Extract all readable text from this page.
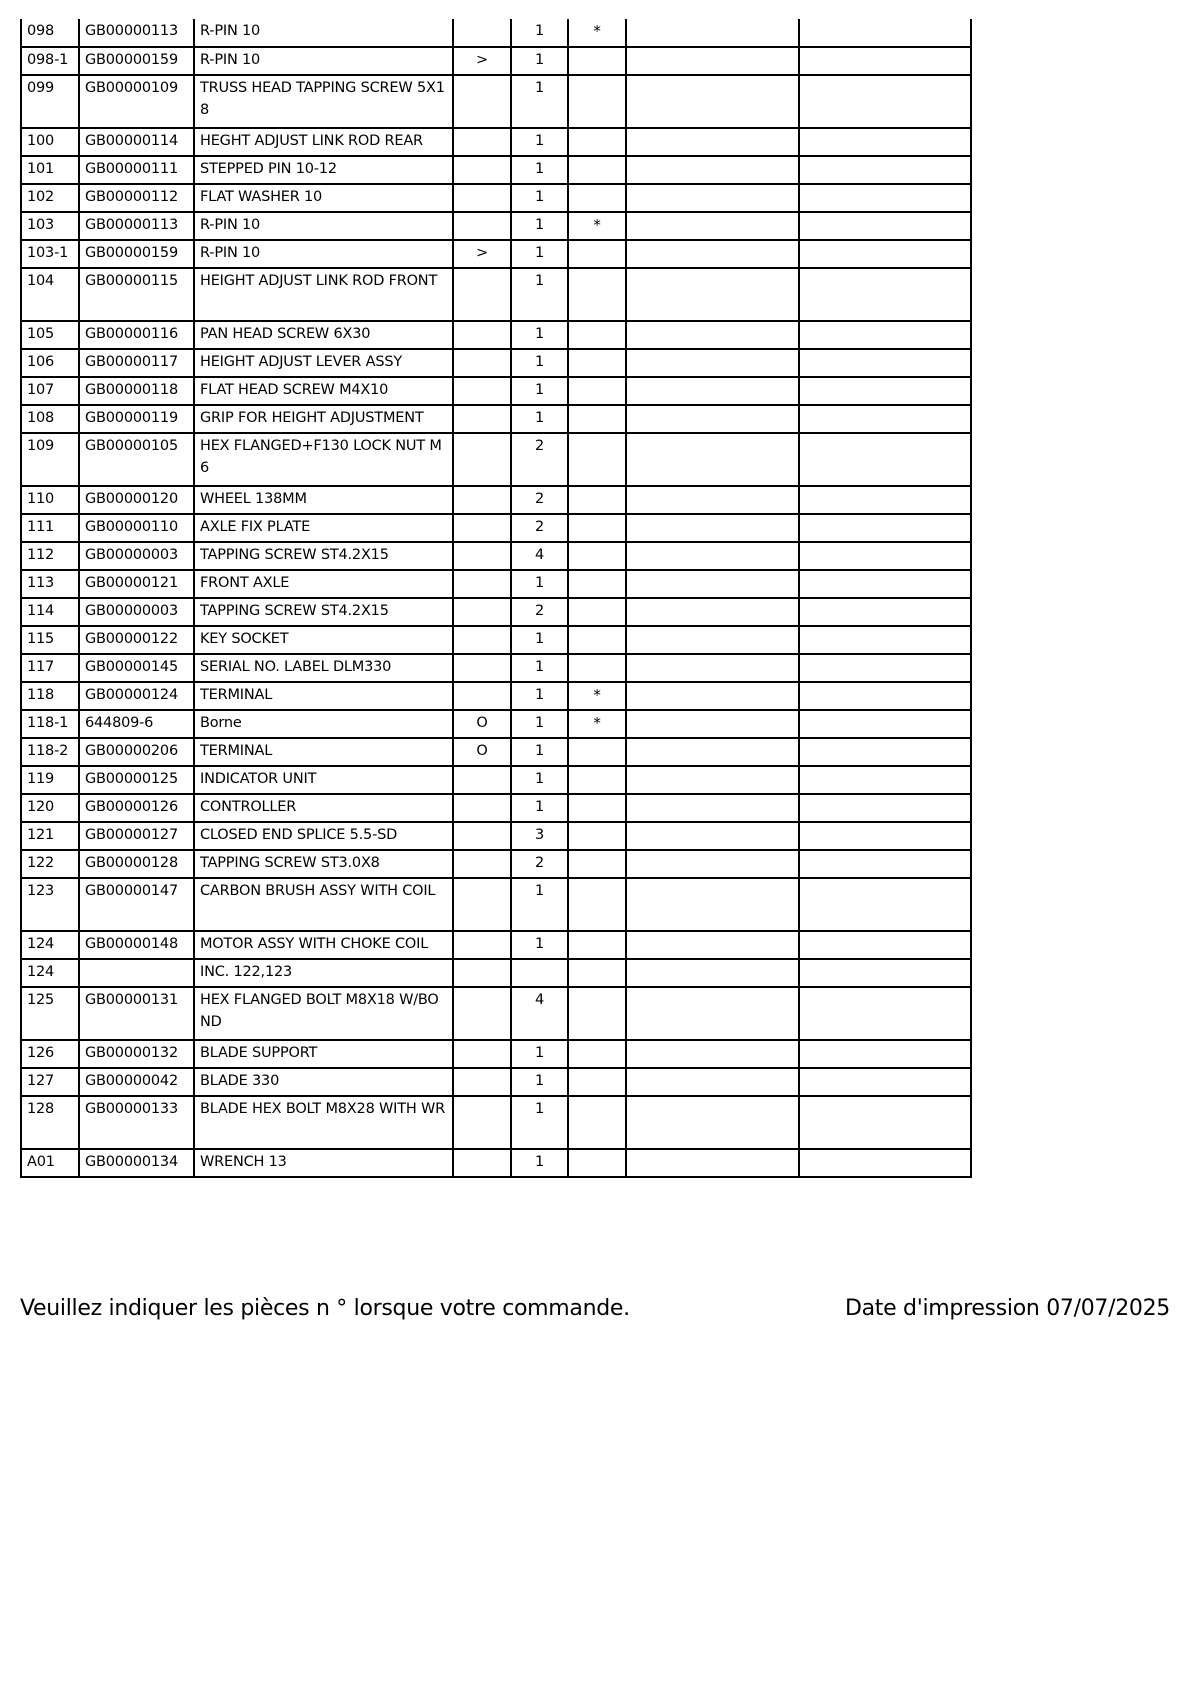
098	GB00000113	R-PIN 10		1	*		
098-1	GB00000159	R-PIN 10	>	1			
099	GB00000109	TRUSS HEAD TAPPING SCREW 5X18		1			
100	GB00000114	HEGHT ADJUST LINK ROD REAR		1			
101	GB00000111	STEPPED PIN 10-12		1			
102	GB00000112	FLAT WASHER 10		1			
103	GB00000113	R-PIN 10		1	*		
103-1	GB00000159	R-PIN 10	>	1			
104	GB00000115	HEIGHT ADJUST LINK ROD FRONT		1			
105	GB00000116	PAN HEAD SCREW 6X30		1			
106	GB00000117	HEIGHT ADJUST LEVER ASSY		1			
107	GB00000118	FLAT HEAD SCREW M4X10		1			
108	GB00000119	GRIP FOR HEIGHT ADJUSTMENT		1			
109	GB00000105	HEX FLANGED+F130 LOCK NUT M6		2			
110	GB00000120	WHEEL 138MM		2			
111	GB00000110	AXLE FIX PLATE		2			
112	GB00000003	TAPPING SCREW ST4.2X15		4			
113	GB00000121	FRONT AXLE		1			
114	GB00000003	TAPPING SCREW ST4.2X15		2			
115	GB00000122	KEY SOCKET		1			
117	GB00000145	SERIAL NO. LABEL DLM330		1			
118	GB00000124	TERMINAL		1	*		
118-1	644809-6	Borne	O	1	*		
118-2	GB00000206	TERMINAL	O	1			
119	GB00000125	INDICATOR UNIT		1			
120	GB00000126	CONTROLLER		1			
121	GB00000127	CLOSED END SPLICE 5.5-SD		3			
122	GB00000128	TAPPING SCREW ST3.0X8		2			
123	GB00000147	CARBON BRUSH ASSY WITH COIL		1			
124	GB00000148	MOTOR ASSY WITH CHOKE COIL		1			
124		INC. 122,123					
125	GB00000131	HEX FLANGED BOLT M8X18 W/BOND		4			
126	GB00000132	BLADE SUPPORT		1			
127	GB00000042	BLADE 330		1			
128	GB00000133	BLADE HEX BOLT M8X28 WITH WR		1			
A01	GB00000134	WRENCH 13		1			
Veuillez indiquer les pièces n ° lorsque votre commande.	Date d'impression 07/07/2025
